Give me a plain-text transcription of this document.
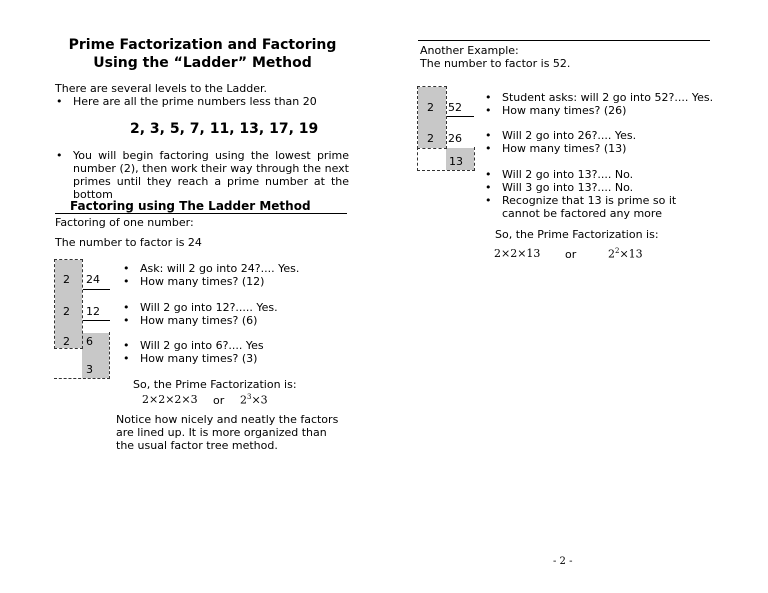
Prime Factorization and Factoring
Using the “Ladder” Method
There are several levels to the Ladder.
• Here are all the prime numbers less than 20
2, 3, 5, 7, 11, 13, 17, 19
• You will begin factoring using the lowest prime number (2), then work their way through the next primes until they reach a prime number at the bottom
Factoring using The Ladder Method
Factoring of one number:
The number to factor is 24
2 24
2 12
2 6
3
• Ask: will 2 go into 24?.... Yes.
• How many times? (12)
• Will 2 go into 12?..... Yes.
• How many times? (6)
• Will 2 go into 6?.... Yes
• How many times? (3)
So, the Prime Factorization is:
2×2×2×3 or $2^3\times 3$
Notice how nicely and neatly the factors are lined up. It is more organized than the usual factor tree method.
Another Example:
The number to factor is 52.
2 52
2 26
13
• Student asks: will 2 go into 52?.... Yes.
• How many times? (26)
• Will 2 go into 26?.... Yes.
• How many times? (13)
• Will 2 go into 13?.... No.
• Will 3 go into 13?.... No.
• Recognize that 13 is prime so it cannot be factored any more
So, the Prime Factorization is:
2×2×13 or	$2^2\times 13$
- 2 -
